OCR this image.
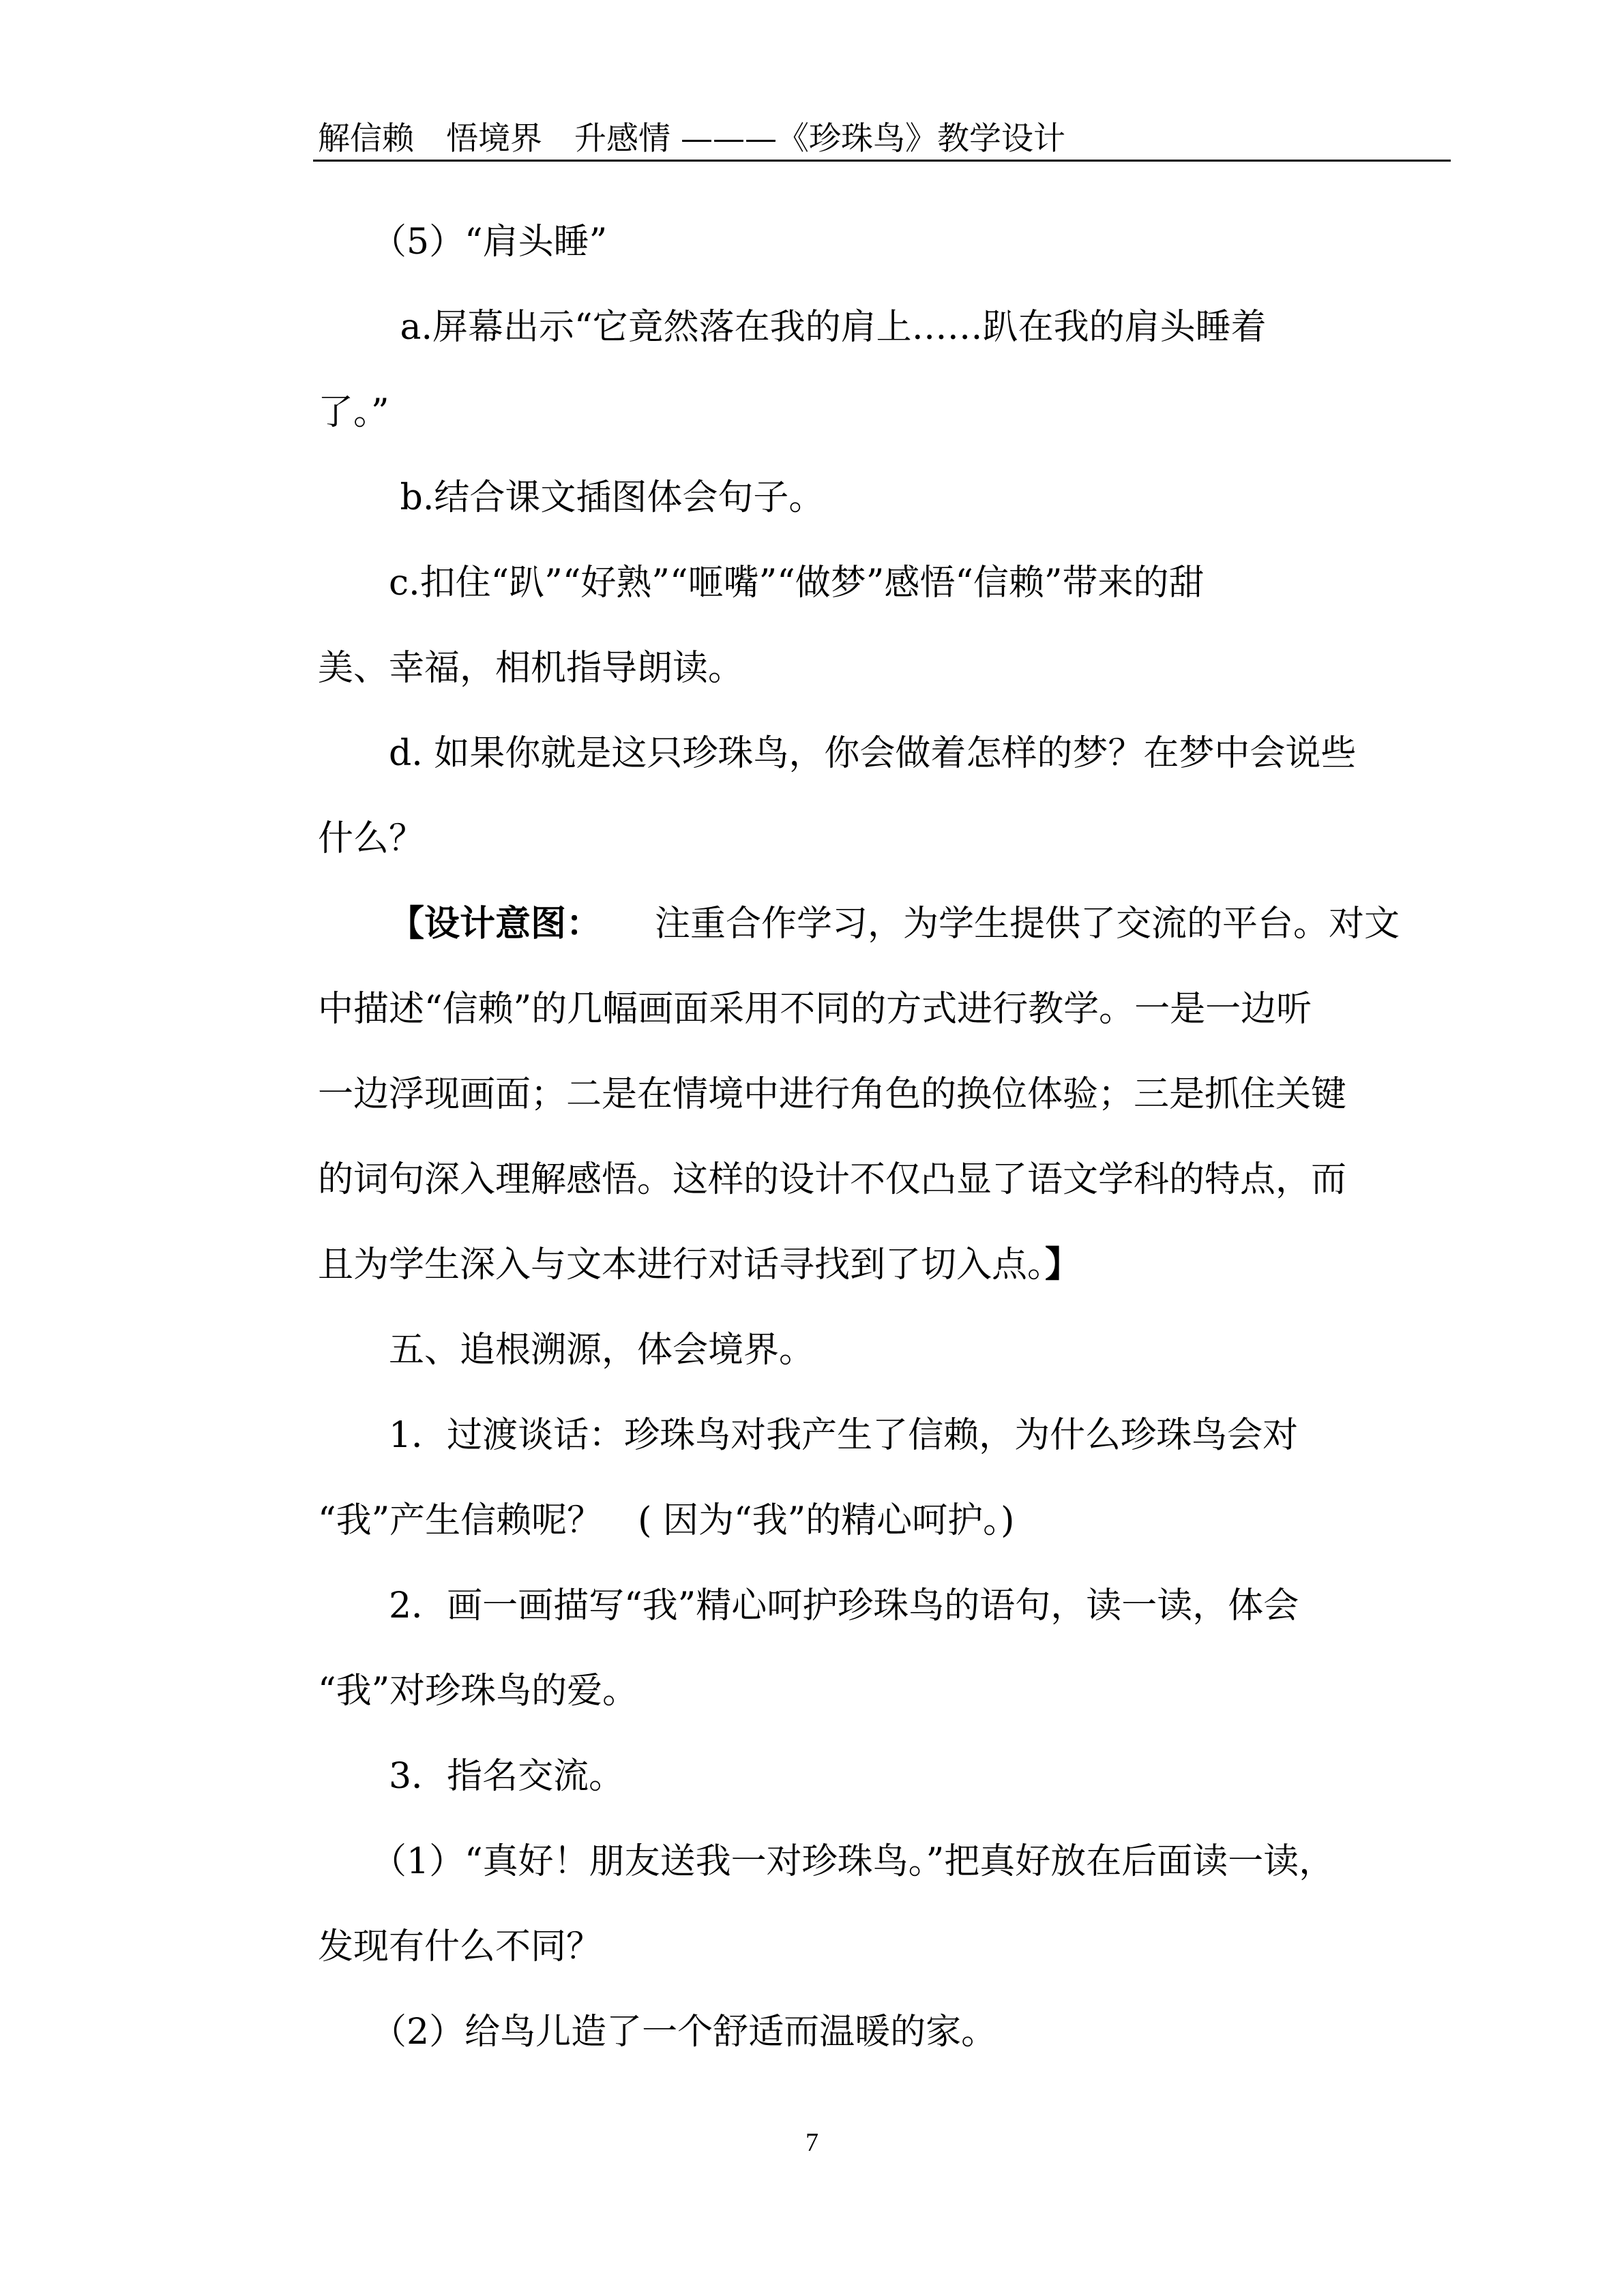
解信赖　悟境界　升感情 ———《珍珠鸟》教学设计
　　（5）“肩头睡”
　　 a.屏幕出示“它竟然落在我的肩上……趴在我的肩头睡着
了。”
　　 b.结合课文插图体会句子。
　　c.扣住“趴”“好熟”“咂嘴”“做梦”感悟“信赖”带来的甜
美、幸福，相机指导朗读。
　　d. 如果你就是这只珍珠鸟，你会做着怎样的梦？在梦中会说些
什么？
【设计意图：　　注重合作学习，为学生提供了交流的平台。对文
中描述“信赖”的几幅画面采用不同的方式进行教学。一是一边听
一边浮现画面；二是在情境中进行角色的换位体验；三是抓住关键
的词句深入理解感悟。这样的设计不仅凸显了语文学科的特点，而
且为学生深入与文本进行对话寻找到了切入点。】
　　五、追根溯源，体会境界。
　　1．过渡谈话：珍珠鸟对我产生了信赖，为什么珍珠鸟会对
“我”产生信赖呢？　( 因为“我”的精心呵护。)
　　2．画一画描写“我”精心呵护珍珠鸟的语句，读一读，体会
“我”对珍珠鸟的爱。
　　3．指名交流。
　　（1）“真好！朋友送我一对珍珠鸟。”把真好放在后面读一读，
发现有什么不同？
　　（2）给鸟儿造了一个舒适而温暖的家。
7
